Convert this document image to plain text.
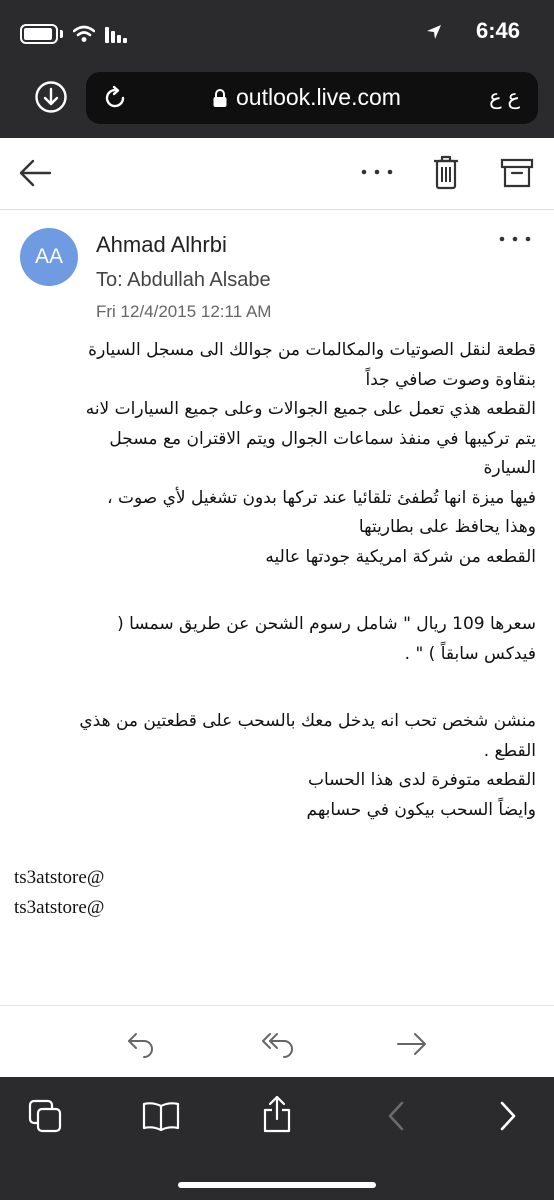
6:46
outlook.live.com	ع ع
AA	Ahmad Alhrbi
To: Abdullah Alsabe
Fri 12/4/2015 12:11 AM
قطعة لنقل الصوتيات والمكالمات من جوالك الى مسجل السيارة
بنقاوة وصوت صافي جداً
القطعه هذي تعمل على جميع الجوالات وعلى جميع السيارات لانه
يتم تركيبها في منفذ سماعات الجوال ويتم الاقتران مع مسجل
السيارة
فيها ميزة انها تُطفئ تلقائيا عند تركها بدون تشغيل لأي صوت ،
وهذا يحافظ على بطاريتها
القطعه من شركة امريكية جودتها عاليه
سعرها 109 ريال " شامل رسوم الشحن عن طريق سمسا (
فيدكس سابقاً ) " .
منشن شخص تحب انه يدخل معك بالسحب على قطعتين من هذي
القطع .
القطعه متوفرة لدى هذا الحساب
وايضاً السحب بيكون في حسابهم
ts3atstore@
ts3atstore@
